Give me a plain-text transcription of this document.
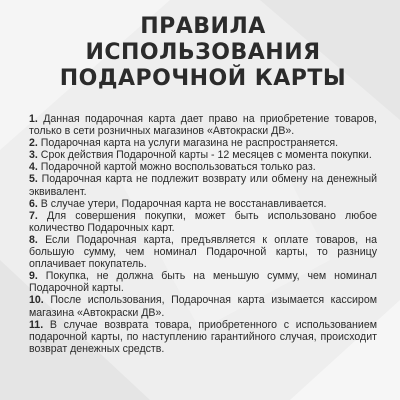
ПРАВИЛА ИСПОЛЬЗОВАНИЯ
ПОДАРОЧНОЙ КАРТЫ

1. Данная подарочная карта дает право на приобретение товаров, только в сети розничных магазинов «Автокраски ДВ».

2. Подарочная карта на услуги магазина не распространяется.

3. Срок действия Подарочной карты - 12 месяцев с момента покупки.

4. Подарочной картой можно воспользоваться только раз.

5. Подарочная карта не подлежит возврату или обмену на денежный эквивалент.

6. В случае утери, Подарочная карта не восстанавливается.

7. Для совершения покупки, может быть использовано любое количество Подарочных карт.

8. Если Подарочная карта, предъявляется к оплате товаров, на большую сумму, чем номинал Подарочной карты, то разницу оплачивает покупатель.

9. Покупка, не должна быть на меньшую сумму, чем номинал Подарочной карты.

10. После использования, Подарочная карта изымается кассиром магазина «Автокраски ДВ».

11. В случае возврата товара, приобретенного с использованием подарочной карты, по наступлению гарантийного случая, происходит возврат денежных средств.
